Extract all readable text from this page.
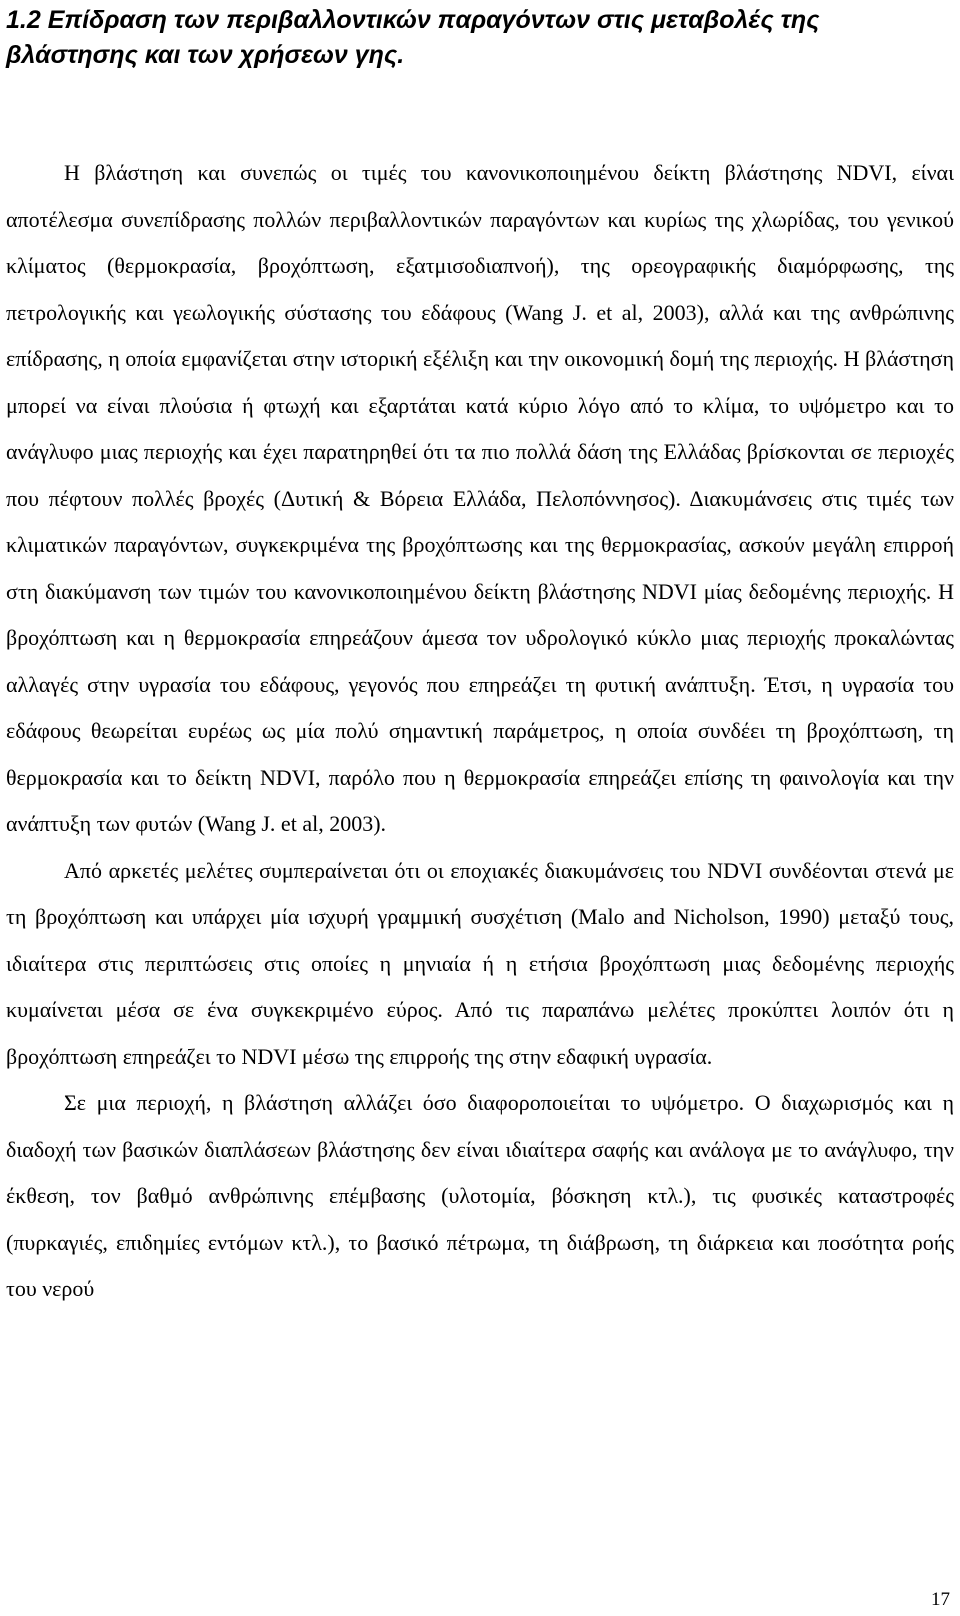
1.2 Επίδραση των περιβαλλοντικών παραγόντων στις μεταβολές της βλάστησης και των χρήσεων γης.

Η βλάστηση και συνεπώς οι τιμές του κανονικοποιημένου δείκτη βλάστησης NDVI, είναι αποτέλεσμα συνεπίδρασης πολλών περιβαλλοντικών παραγόντων και κυρίως της χλωρίδας, του γενικού κλίματος (θερμοκρασία, βροχόπτωση, εξατμισοδιαπνοή), της ορεογραφικής διαμόρφωσης, της πετρολογικής και γεωλογικής σύστασης του εδάφους (Wang J. et al, 2003), αλλά και της ανθρώπινης επίδρασης, η οποία εμφανίζεται στην ιστορική εξέλιξη και την οικονομική δομή της περιοχής. Η βλάστηση μπορεί να είναι πλούσια ή φτωχή και εξαρτάται κατά κύριο λόγο από το κλίμα, το υψόμετρο και το ανάγλυφο μιας περιοχής και έχει παρατηρηθεί ότι τα πιο πολλά δάση της Ελλάδας βρίσκονται σε περιοχές που πέφτουν πολλές βροχές (Δυτική & Βόρεια Ελλάδα, Πελοπόννησος). Διακυμάνσεις στις τιμές των κλιματικών παραγόντων, συγκεκριμένα της βροχόπτωσης και της θερμοκρασίας, ασκούν μεγάλη επιρροή στη διακύμανση των τιμών του κανονικοποιημένου δείκτη βλάστησης NDVI μίας δεδομένης περιοχής. Η βροχόπτωση και η θερμοκρασία επηρεάζουν άμεσα τον υδρολογικό κύκλο μιας περιοχής προκαλώντας αλλαγές στην υγρασία του εδάφους, γεγονός που επηρεάζει τη φυτική ανάπτυξη. Έτσι, η υγρασία του εδάφους θεωρείται ευρέως ως μία πολύ σημαντική παράμετρος, η οποία συνδέει τη βροχόπτωση, τη θερμοκρασία και το δείκτη NDVI, παρόλο που η θερμοκρασία επηρεάζει επίσης τη φαινολογία και την ανάπτυξη των φυτών (Wang J. et al, 2003).

Από αρκετές μελέτες συμπεραίνεται ότι οι εποχιακές διακυμάνσεις του NDVI συνδέονται στενά με τη βροχόπτωση και υπάρχει μία ισχυρή γραμμική συσχέτιση (Malo and Nicholson, 1990) μεταξύ τους, ιδιαίτερα στις περιπτώσεις στις οποίες η μηνιαία ή η ετήσια βροχόπτωση μιας δεδομένης περιοχής κυμαίνεται μέσα σε ένα συγκεκριμένο εύρος. Από τις παραπάνω μελέτες προκύπτει λοιπόν ότι η βροχόπτωση επηρεάζει το NDVI μέσω της επιρροής της στην εδαφική υγρασία.

Σε μια περιοχή, η βλάστηση αλλάζει όσο διαφοροποιείται το υψόμετρο. Ο διαχωρισμός και η διαδοχή των βασικών διαπλάσεων βλάστησης δεν είναι ιδιαίτερα σαφής και ανάλογα με το ανάγλυφο, την έκθεση, τον βαθμό ανθρώπινης επέμβασης (υλοτομία, βόσκηση κτλ.), τις φυσικές καταστροφές (πυρκαγιές, επιδημίες εντόμων κτλ.), το βασικό πέτρωμα, τη διάβρωση, τη διάρκεια και ποσότητα ροής του νερού

17
